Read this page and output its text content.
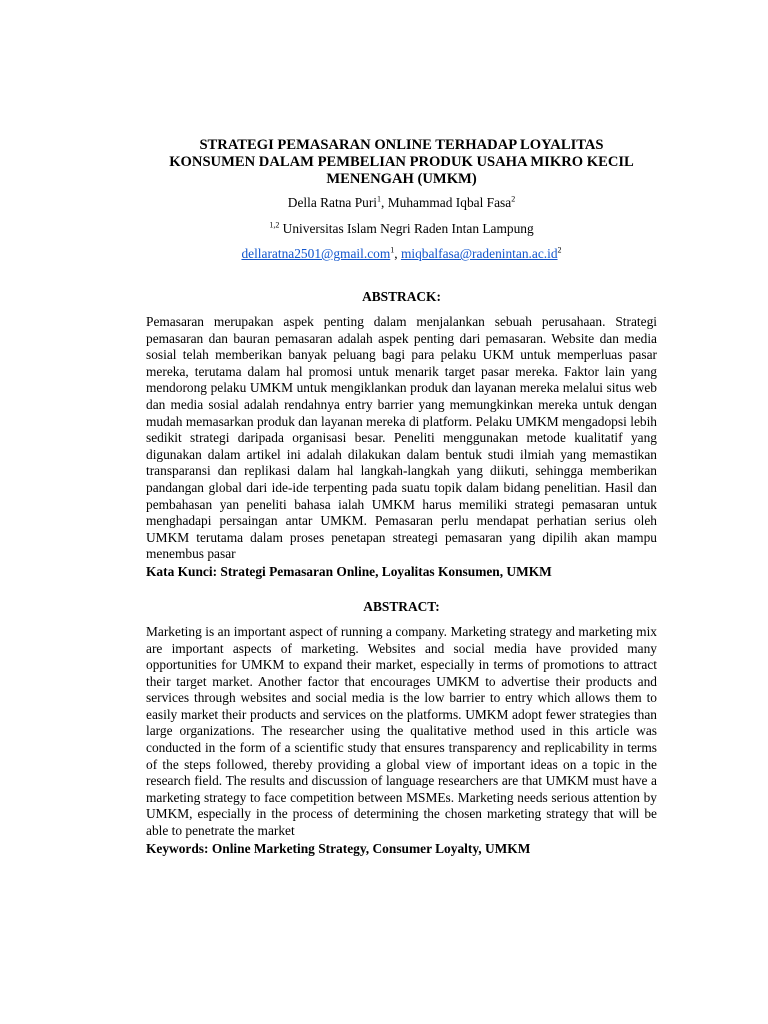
STRATEGI PEMASARAN ONLINE TERHADAP LOYALITAS KONSUMEN DALAM PEMBELIAN PRODUK USAHA MIKRO KECIL MENENGAH (UMKM)
Della Ratna Puri$^1$, Muhammad Iqbal Fasa$^2$
$^{1,2}$ Universitas Islam Negri Raden Intan Lampung
dellaratna2501@gmail.com$^1$, $miqbalfasa@radenintan.ac.id^2$
ABSTRACK:
Pemasaran merupakan aspek penting dalam menjalankan sebuah perusahaan. Strategi pemasaran dan bauran pemasaran adalah aspek penting dari pemasaran. Website dan media sosial telah memberikan banyak peluang bagi para pelaku UKM untuk memperluas pasar mereka, terutama dalam hal promosi untuk menarik target pasar mereka. Faktor lain yang mendorong pelaku UMKM untuk mengiklankan produk dan layanan mereka melalui situs web dan media sosial adalah rendahnya entry barrier yang memungkinkan mereka untuk dengan mudah memasarkan produk dan layanan mereka di platform. Pelaku UMKM mengadopsi lebih sedikit strategi daripada organisasi besar. Peneliti menggunakan metode kualitatif yang digunakan dalam artikel ini adalah dilakukan dalam bentuk studi ilmiah yang memastikan transparansi dan replikasi dalam hal langkah-langkah yang diikuti, sehingga memberikan pandangan global dari ide-ide terpenting pada suatu topik dalam bidang penelitian. Hasil dan pembahasan yan peneliti bahasa ialah UMKM harus memiliki strategi pemasaran untuk menghadapi persaingan antar UMKM. Pemasaran perlu mendapat perhatian serius oleh UMKM terutama dalam proses penetapan streategi pemasaran yang dipilih akan mampu menembus pasar
Kata Kunci: Strategi Pemasaran Online, Loyalitas Konsumen, UMKM
ABSTRACT:
Marketing is an important aspect of running a company. Marketing strategy and marketing mix are important aspects of marketing. Websites and social media have provided many opportunities for UMKM to expand their market, especially in terms of promotions to attract their target market. Another factor that encourages UMKM to advertise their products and services through websites and social media is the low barrier to entry which allows them to easily market their products and services on the platforms. UMKM adopt fewer strategies than large organizations. The researcher using the qualitative method used in this article was conducted in the form of a scientific study that ensures transparency and replicability in terms of the steps followed, thereby providing a global view of important ideas on a topic in the research field. The results and discussion of language researchers are that UMKM must have a marketing strategy to face competition between MSMEs. Marketing needs serious attention by UMKM, especially in the process of determining the chosen marketing strategy that will be able to penetrate the market
Keywords: Online Marketing Strategy, Consumer Loyalty, UMKM
